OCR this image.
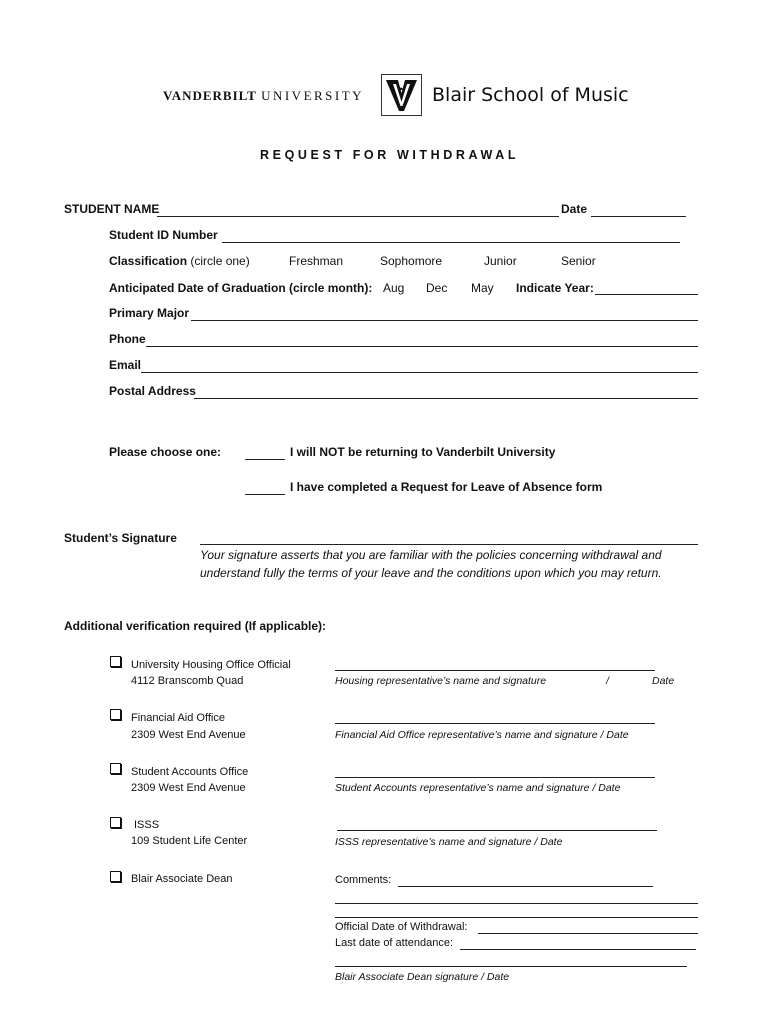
VANDERBILT UNIVERSITY	Blair School of Music
REQUEST FOR WITHDRAWAL
STUDENT NAME	Date
Student ID Number
Classification (circle one)	Freshman	Sophomore	Junior	Senior
Anticipated Date of Graduation (circle month): Aug Dec May Indicate Year:
Primary Major
Phone
Email
Postal Address
Please choose one:	I will NOT be returning to Vanderbilt University
I have completed a Request for Leave of Absence form
Student’s Signature
Your signature asserts that you are familiar with the policies concerning withdrawal and
understand fully the terms of your leave and the conditions upon which you may return.
Additional verification required (If applicable):
University Housing Office Official
4112 Branscomb Quad	Housing representative’s name and signature	/	Date
Financial Aid Office
2309 West End Avenue	Financial Aid Office representative’s name and signature / Date
Student Accounts Office
2309 West End Avenue	Student Accounts representative’s name and signature / Date
ISSS
109 Student Life Center	ISSS representative’s name and signature / Date
Blair Associate Dean	Comments:
Official Date of Withdrawal:
Last date of attendance:
Blair Associate Dean signature / Date
